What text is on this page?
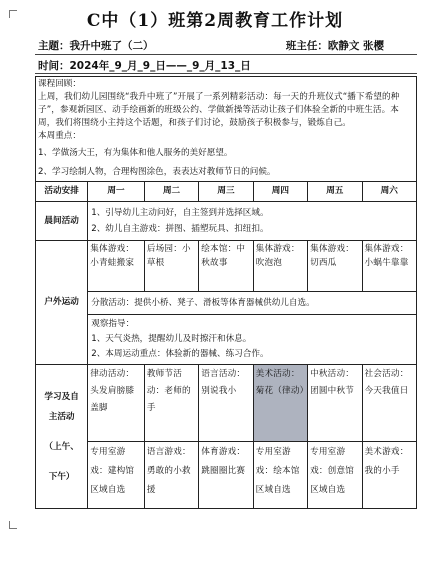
C中（1）班第2周教育工作计划
主题：我升中班了（二）	班主任：欧静文 张樱
时间：2024年_9_月_9_日——_9_月_13_日

课程回顾：

上周，我们幼儿园围绕“我升中班了”开展了一系列精彩活动：每一天的升班仪式“播下希望的种子”，参观新园区、动手绘画新的班级公约、学做新操等活动让孩子们体验全新的中班生活。本周，我们将围绕小主持这个话题，和孩子们讨论，鼓励孩子积极参与，锻炼自己。

本周重点：

1、学做汤大王，有为集体和他人服务的美好愿望。

2、学习绘制人物，合理构图涂色，表表达对教师节日的问候。						

活动安排	周一	周二	周三	周四	周五	周六
晨间活动	1、引导幼儿主动问好，自主签到并选择区域。
2、幼儿自主游戏：拼图、插塑玩具、扣纽扣。					

户外运动	集体游戏：小青蛙搬家	后场园：小草根	绘本馆：中秋故事	集体游戏：吹泡泡	集体游戏：切西瓜	集体游戏：小蜗牛靠靠
	分散活动：提供小桥、凳子、滑板等体育器械供幼儿自选。					

	观察指导：
1、天气炎热，提醒幼儿及时擦汗和休息。
2、本周运动重点：体验新的器械、练习合作。					

学习及自
主活动
（上午、
下午）	律动活动：头发肩膀膝盖脚	教师节活动：老师的手	语言活动：别说我小	美术活动：菊花（律动）	中秋活动：团圆中秋节	社会活动：今天我值日
	专用室游戏：建构馆区域自选	语言游戏：勇敢的小救援	体育游戏：跳圈圈比赛	专用室游戏：绘本馆区域自选	专用室游戏：创意馆区域自选	美术游戏：我的小手
